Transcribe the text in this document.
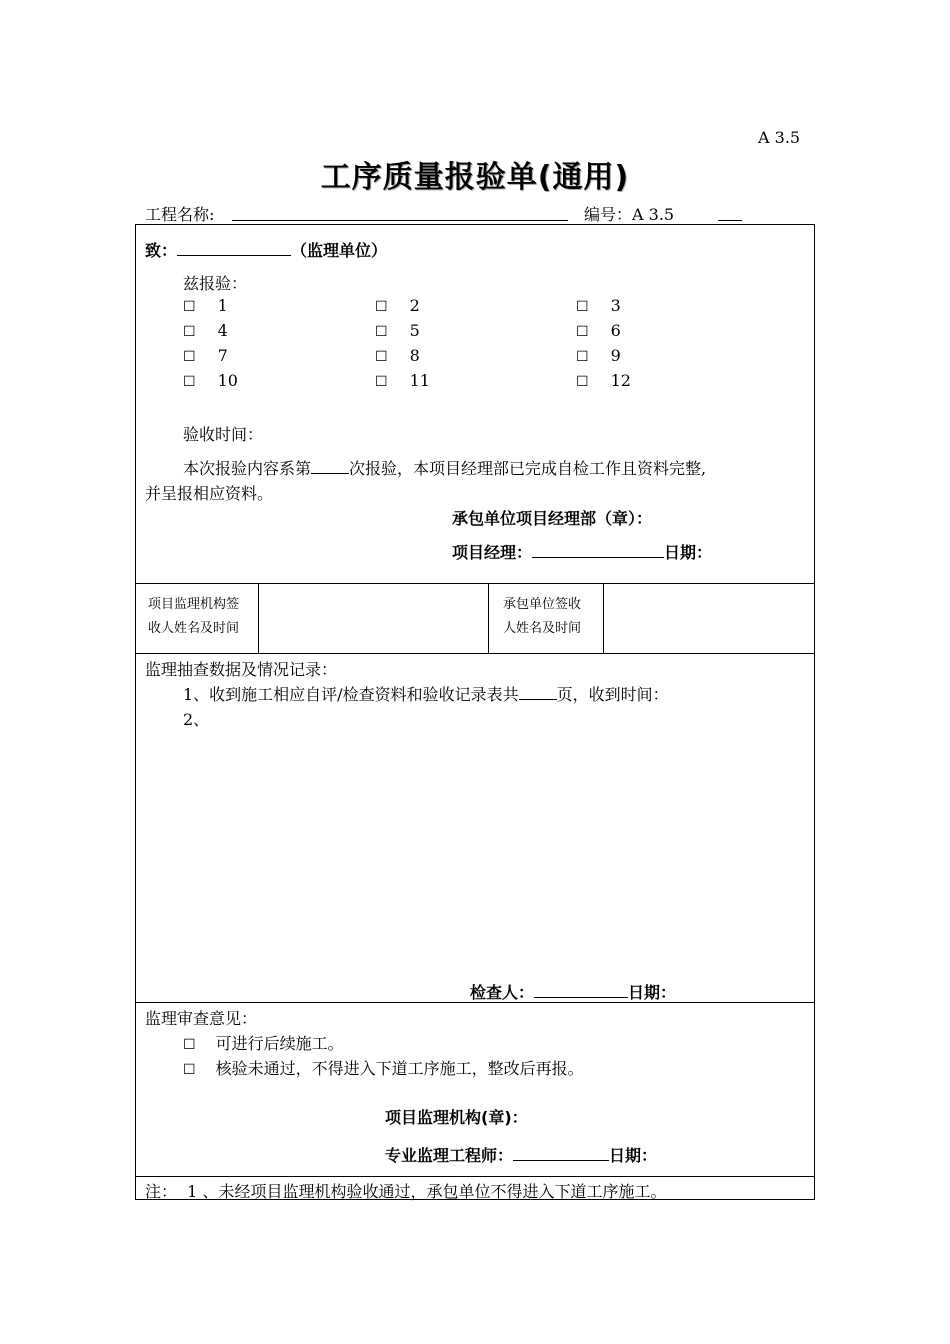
A 3.5
工序质量报验单(通用)
工程名称:	编号：A 3.5
致：	（监理单位）
兹报验：
☐ 1	☐ 2	☐ 3
☐ 4	☐ 5	☐ 6
☐ 7	☐ 8	☐ 9
☐ 10	☐ 11	☐ 12
验收时间：
本次报验内容系第 次报验，本项目经理部已完成自检工作且资料完整,
并呈报相应资料。
承包单位项目经理部（章）：
项目经理：	日期：
项目监理机构签
收人姓名及时间
承包单位签收
人姓名及时间
监理抽查数据及情况记录：
1、收到施工相应自评/检查资料和验收记录表共 页，收到时间：
2、
检查人：	日期：
监理审查意见：
☐ 可进行后续施工。
☐ 核验未通过，不得进入下道工序施工，整改后再报。
项目监理机构(章)：
专业监理工程师：	日期：
注：  1 、未经项目监理机构验收通过，承包单位不得进入下道工序施工。
